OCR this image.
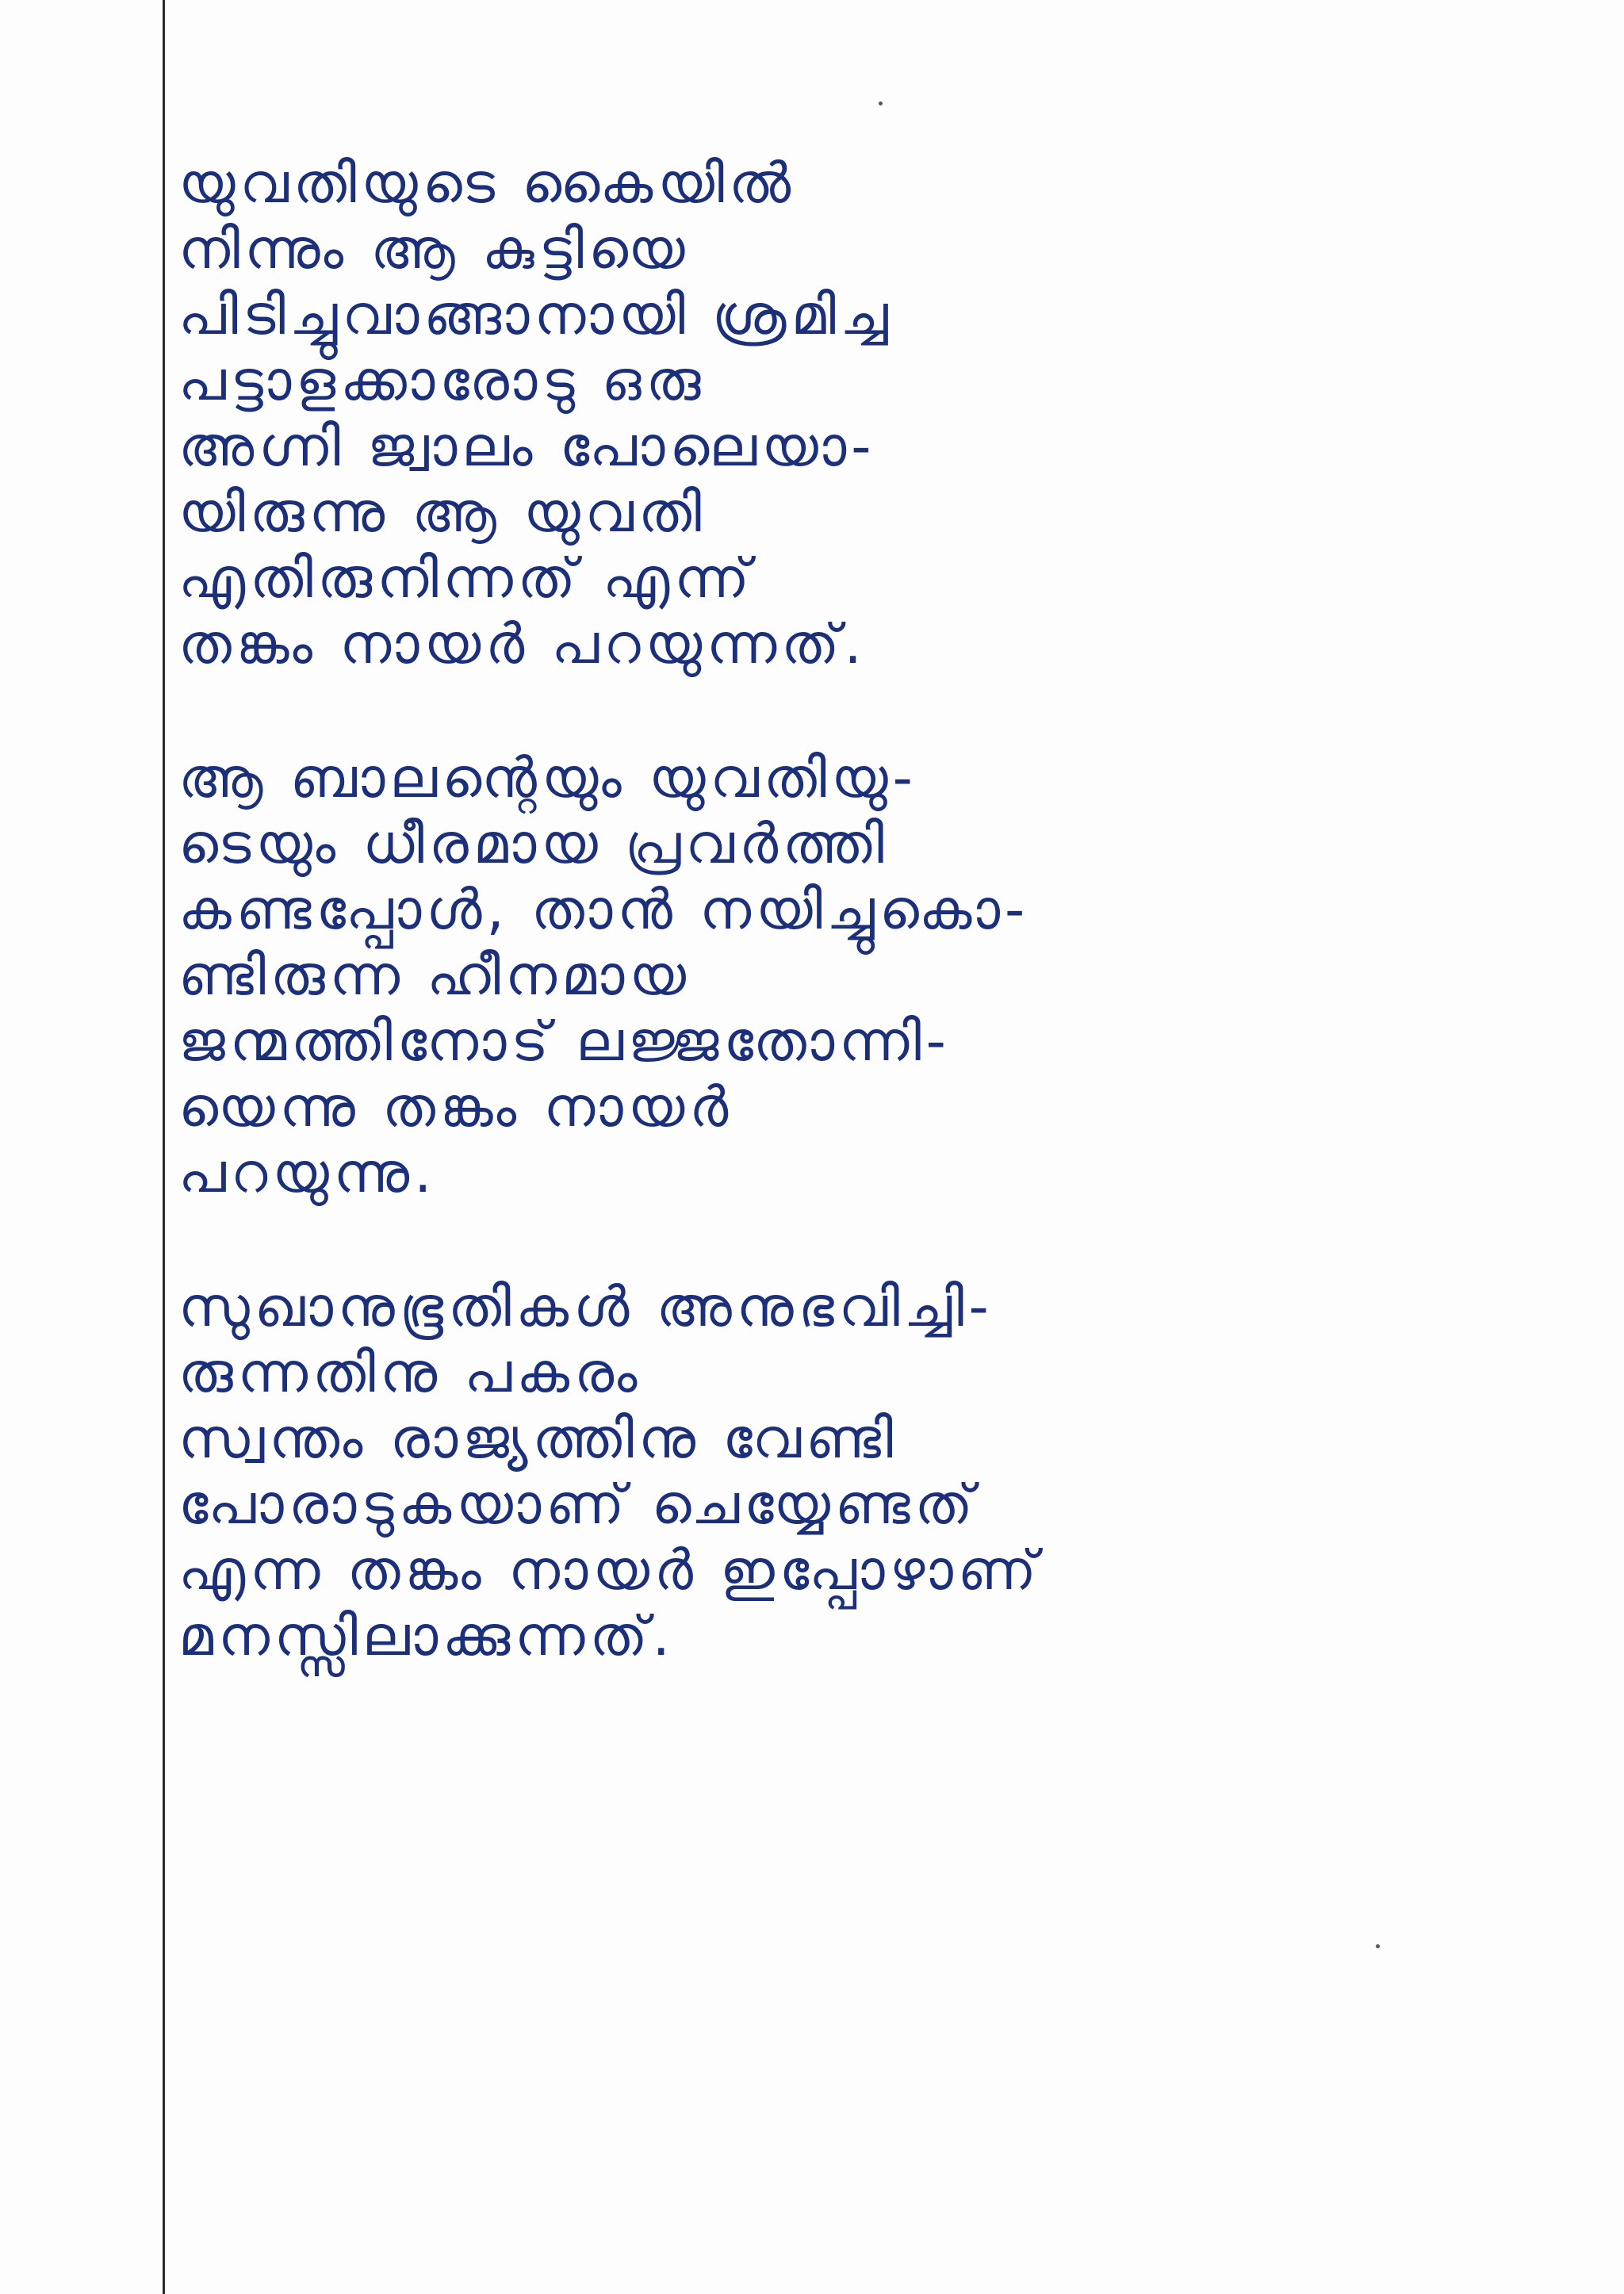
യുവതിയുടെ കൈയിൽ
നിന്നും ആ കുട്ടിയെ
പിടിച്ചുവാങ്ങാനായി ശ്രമിച്ച
പട്ടാളക്കാരോടു ഒരു
അഗ്നി ജ്വാലം പോലെയാ-
യിരുന്നു ആ യുവതി
എതിരുനിന്നത് എന്ന്
തങ്കം നായർ പറയുന്നത്.
ആ ബാലന്റെയും യുവതിയു-
ടെയും ധീരമായ പ്രവർത്തി
കണ്ടപ്പോൾ, താൻ നയിച്ചുകൊ-
ണ്ടിരുന്ന ഹീനമായ
ജന്മത്തിനോട് ലജ്ജതോന്നി-
യെന്നു തങ്കം നായർ
പറയുന്നു.
സുഖാനുഭൂതികൾ അനുഭവിച്ചി-
രുന്നതിനു പകരം
സ്വന്തം രാജ്യത്തിനു വേണ്ടി
പോരാടുകയാണ് ചെയ്യേണ്ടത്
എന്ന തങ്കം നായർ ഇപ്പോഴാണ്
മനസ്സിലാക്കുന്നത്.
